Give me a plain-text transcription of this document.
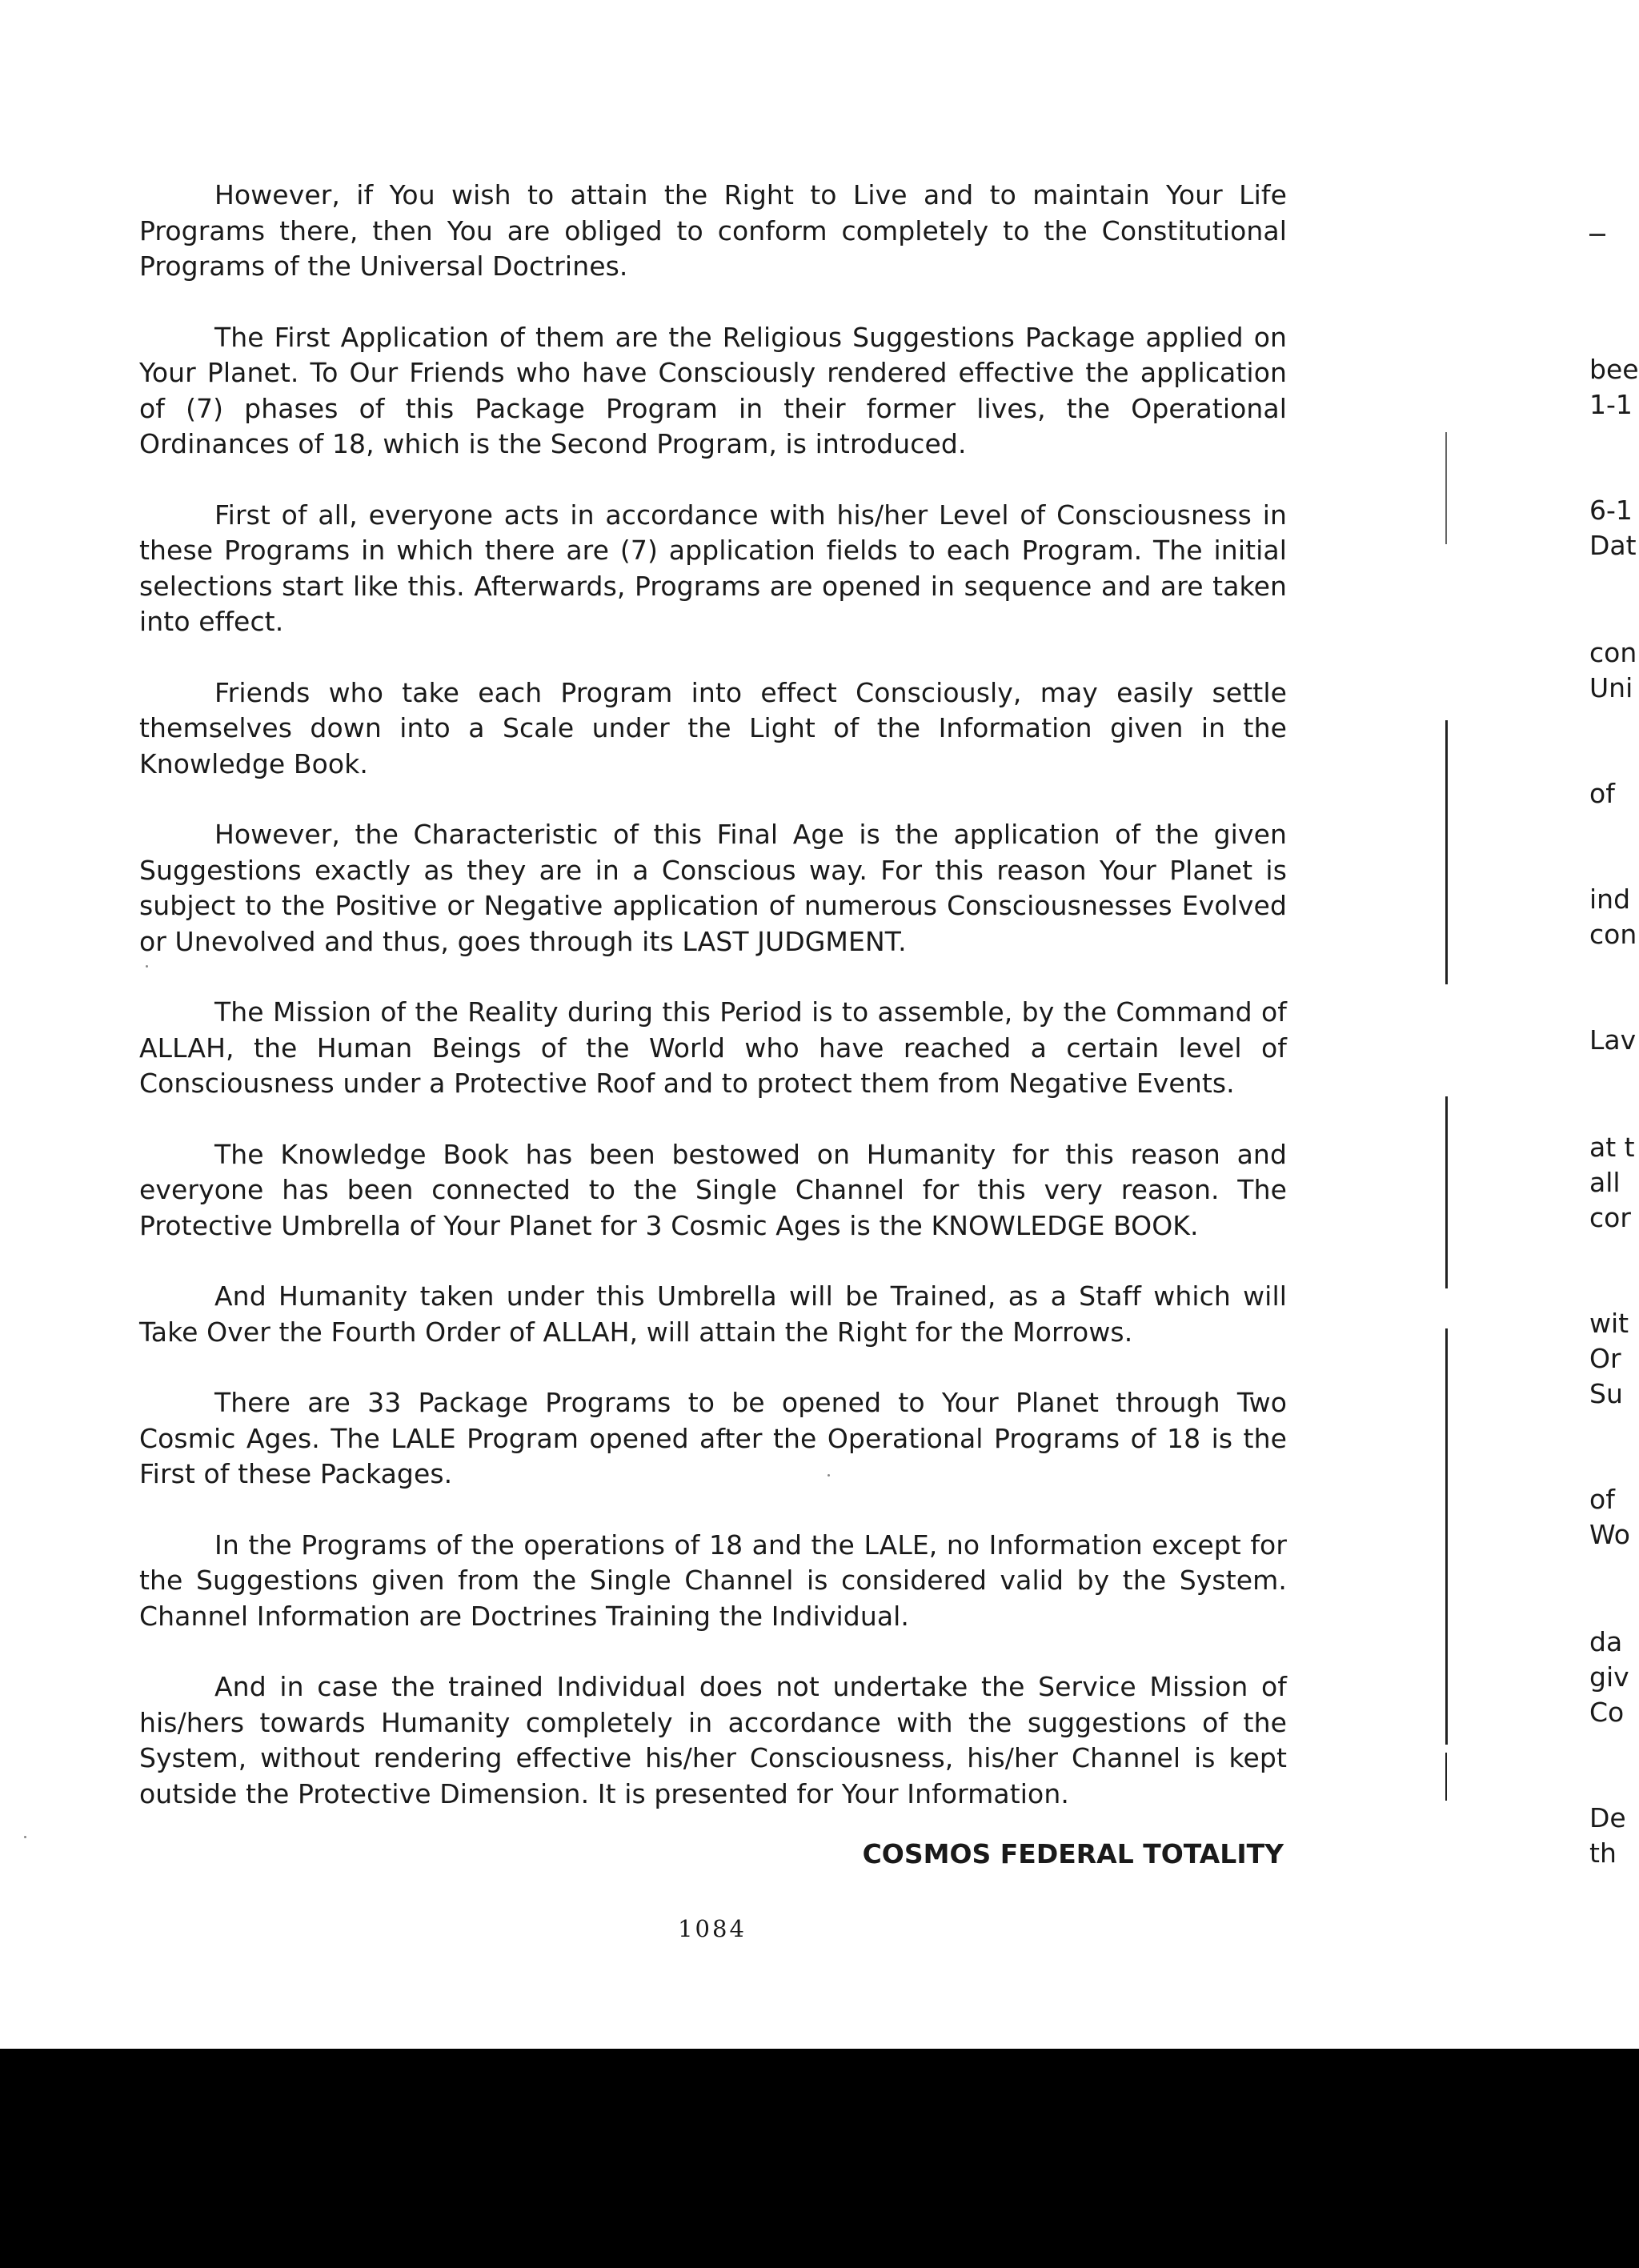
However, if You wish to attain the Right to Live and to maintain Your Life Programs there, then You are obliged to conform completely to the Constitutional Programs of the Universal Doctrines.

The First Application of them are the Religious Suggestions Package applied on Your Planet. To Our Friends who have Consciously rendered effective the application of (7) phases of this Package Program in their former lives, the Operational Ordinances of 18, which is the Second Program, is introduced.

First of all, everyone acts in accordance with his/her Level of Consciousness in these Programs in which there are (7) application fields to each Program. The initial selections start like this. Afterwards, Programs are opened in sequence and are taken into effect.

Friends who take each Program into effect Consciously, may easily settle themselves down into a Scale under the Light of the Information given in the Knowledge Book.

However, the Characteristic of this Final Age is the application of the given Suggestions exactly as they are in a Conscious way. For this reason Your Planet is subject to the Positive or Negative application of numerous Consciousnesses Evolved or Unevolved and thus, goes through its LAST JUDGMENT.

The Mission of the Reality during this Period is to assemble, by the Command of ALLAH, the Human Beings of the World who have reached a certain level of Consciousness under a Protective Roof and to protect them from Negative Events.

The Knowledge Book has been bestowed on Humanity for this reason and everyone has been connected to the Single Channel for this very reason. The Protective Umbrella of Your Planet for 3 Cosmic Ages is the KNOWLEDGE BOOK.

And Humanity taken under this Umbrella will be Trained, as a Staff which will Take Over the Fourth Order of ALLAH, will attain the Right for the Morrows.

There are 33 Package Programs to be opened to Your Planet through Two Cosmic Ages. The LALE Program opened after the Operational Programs of 18 is the First of these Packages.

In the Programs of the operations of 18 and the LALE, no Information except for the Suggestions given from the Single Channel is considered valid by the System. Channel Information are Doctrines Training the Individual.

And in case the trained Individual does not undertake the Service Mission of his/hers towards Humanity completely in accordance with the suggestions of the System, without rendering effective his/her Consciousness, his/her Channel is kept outside the Protective Dimension. It is presented for Your Information.

COSMOS FEDERAL TOTALITY
1084
bee
1-1
6-1
Dat
con
Uni
of
ind
con
Lav
at t
all
cor
wit
Or
Su
of
Wo
da
giv
Co
De
th
